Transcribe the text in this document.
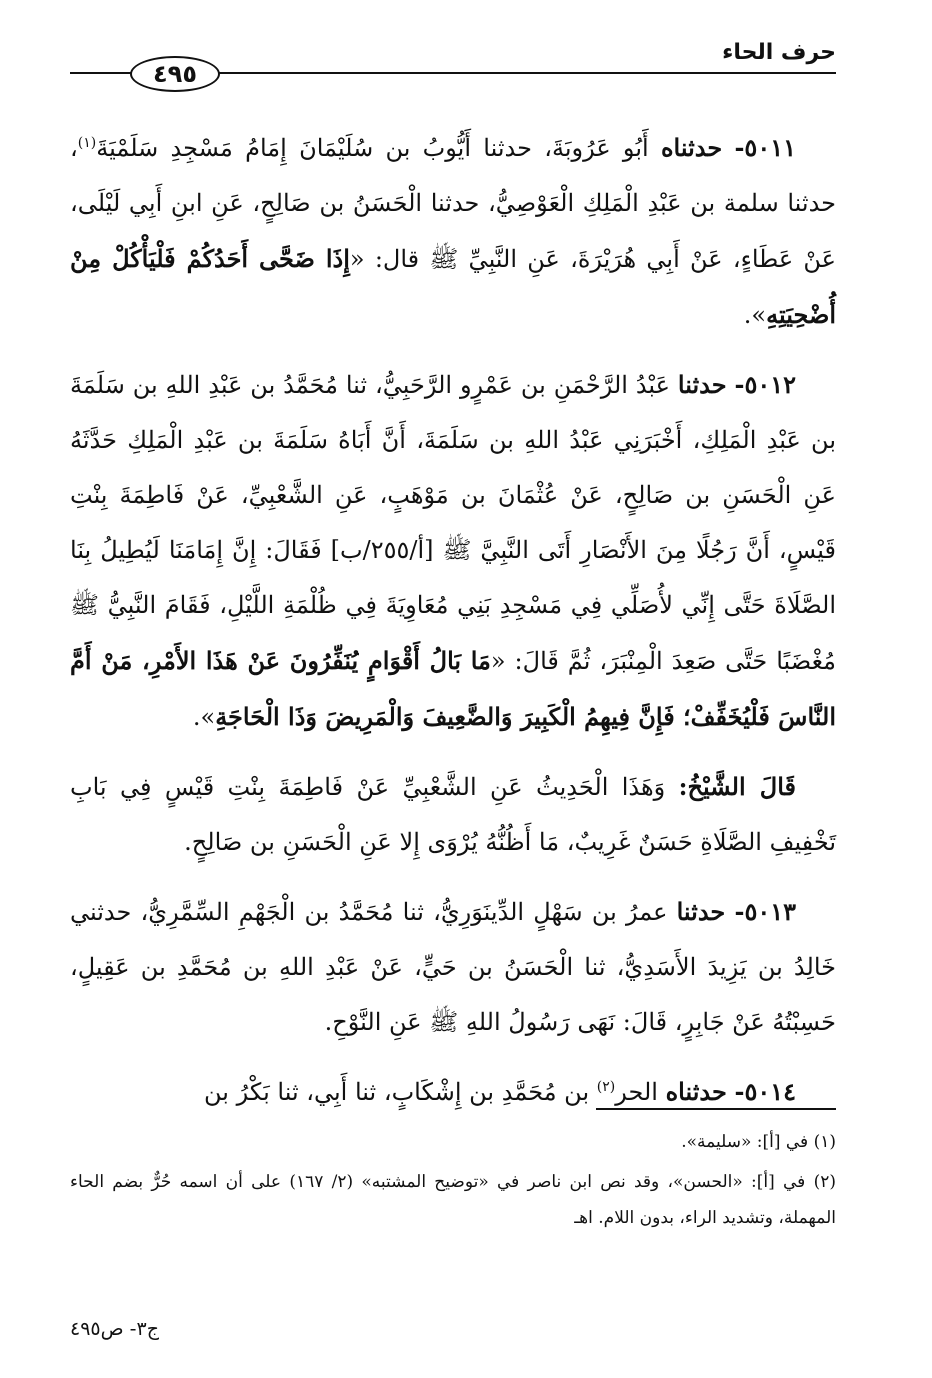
حرف الحاء
٤٩٥

٥٠١١- حدثناه أَبُو عَرُوبَةَ، حدثنا أَيُّوبُ بن سُلَيْمَانَ إِمَامُ مَسْجِدِ سَلَمْيَةَ$^{(١)}$، حدثنا سلمة بن عَبْدِ الْمَلِكِ الْعَوْصِيُّ، حدثنا الْحَسَنُ بن صَالِحٍ، عَنِ ابنِ أَبِي لَيْلَى، عَنْ عَطَاءٍ، عَنْ أَبِي هُرَيْرَةَ، عَنِ النَّبِيِّ ﷺ قال: «إِذَا ضَحَّى أَحَدُكُمْ فَلْيَأْكُلْ مِنْ أُضْحِيَتِهِ».

٥٠١٢- حدثنا عَبْدُ الرَّحْمَنِ بن عَمْرٍو الرَّحَبِيُّ، ثنا مُحَمَّدُ بن عَبْدِ اللهِ بن سَلَمَةَ بن عَبْدِ الْمَلِكِ، أَخْبَرَنِي عَبْدُ اللهِ بن سَلَمَةَ، أَنَّ أَبَاهُ سَلَمَةَ بن عَبْدِ الْمَلِكِ حَدَّثَهُ عَنِ الْحَسَنِ بن صَالِحٍ، عَنْ عُثْمَانَ بن مَوْهَبٍ، عَنِ الشَّعْبِيِّ، عَنْ فَاطِمَةَ بِنْتِ قَيْسٍ، أَنَّ رَجُلًا مِنَ الأَنْصَارِ أَتَى النَّبِيَّ ﷺ [أ/٢٥٥/ب] فَقَالَ: إِنَّ إِمَامَنَا لَيُطِيلُ بِنَا الصَّلَاةَ حَتَّى إِنِّي لأُصَلِّي فِي مَسْجِدِ بَنِي مُعَاوِيَةَ فِي ظُلْمَةِ اللَّيْلِ، فَقَامَ النَّبِيُّ ﷺ مُغْضَبًا حَتَّى صَعِدَ الْمِنْبَرَ، ثُمَّ قَالَ: «مَا بَالُ أَقْوَامٍ يُنَفِّرُونَ عَنْ هَذَا الأَمْرِ، مَنْ أَمَّ النَّاسَ فَلْيُخَفِّفْ؛ فَإِنَّ فِيهِمُ الْكَبِيرَ وَالضَّعِيفَ وَالْمَرِيضَ وَذَا الْحَاجَةِ».

قَالَ الشَّيْخُ: وَهَذَا الْحَدِيثُ عَنِ الشَّعْبِيِّ عَنْ فَاطِمَةَ بِنْتِ قَيْسٍ فِي بَابِ تَخْفِيفِ الصَّلَاةِ حَسَنٌ غَرِيبٌ، مَا أَظُنُّهُ يُرْوَى إِلا عَنِ الْحَسَنِ بن صَالِحٍ.

٥٠١٣- حدثنا عمرُ بن سَهْلٍ الدِّينَوَرِيُّ، ثنا مُحَمَّدُ بن الْجَهْمِ السِّمَّرِيُّ، حدثني خَالِدُ بن يَزِيدَ الأَسَدِيُّ، ثنا الْحَسَنُ بن حَيٍّ، عَنْ عَبْدِ اللهِ بن مُحَمَّدِ بن عَقِيلٍ، حَسِبْتُهُ عَنْ جَابِرٍ، قَالَ: نَهَى رَسُولُ اللهِ ﷺ عَنِ النَّوْحِ.

٥٠١٤- حدثناه الحر$^{(٢)}$ بن مُحَمَّدِ بن إِشْكَابٍ، ثنا أَبِي، ثنا بَكْرُ بن

(١) في [أ]: «سليمة».

(٢) في [أ]: «الحسن»، وقد نص ابن ناصر في «توضيح المشتبه» (٢/ ١٦٧) على أن اسمه حُرٌّ بضم الحاء المهملة، وتشديد الراء، بدون اللام. اهـ

ج٣- ص٤٩٥
